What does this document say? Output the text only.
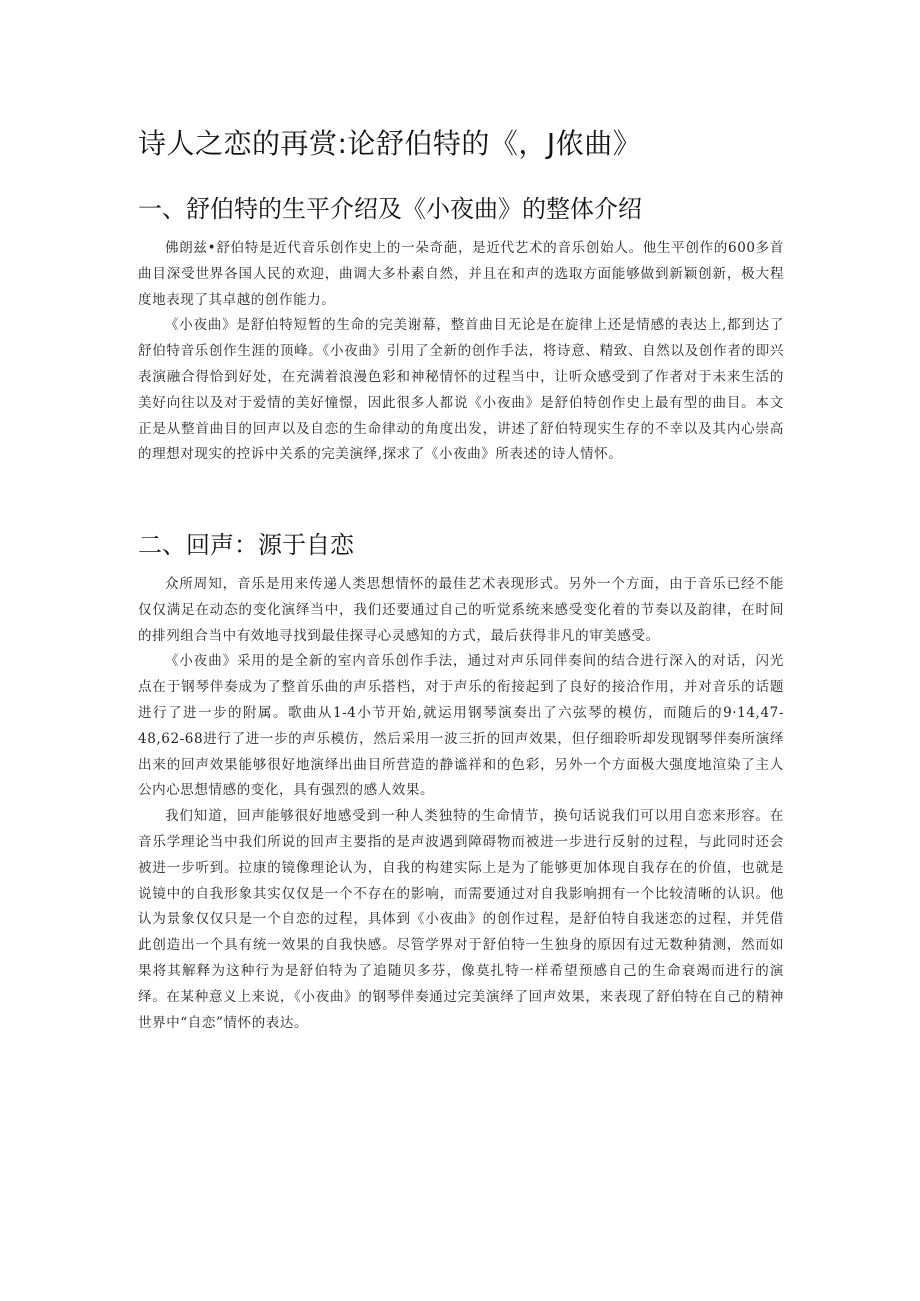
诗人之恋的再赏:论舒伯特的《，J侬曲》
一、舒伯特的生平介绍及《小夜曲》的整体介绍

佛朗兹•舒伯特是近代音乐创作史上的一朵奇葩，是近代艺术的音乐创始人。他生平创作的600多首曲目深受世界各国人民的欢迎，曲调大多朴素自然，并且在和声的选取方面能够做到新颖创新，极大程度地表现了其卓越的创作能力。

《小夜曲》是舒伯特短暂的生命的完美谢幕，整首曲目无论是在旋律上还是情感的表达上,都到达了舒伯特音乐创作生涯的顶峰。《小夜曲》引用了全新的创作手法，将诗意、精致、自然以及创作者的即兴表演融合得恰到好处，在充满着浪漫色彩和神秘情怀的过程当中，让听众感受到了作者对于未来生活的美好向往以及对于爱情的美好憧憬，因此很多人都说《小夜曲》是舒伯特创作史上最有型的曲目。本文正是从整首曲目的回声以及自恋的生命律动的角度出发，讲述了舒伯特现实生存的不幸以及其内心崇高的理想对现实的控诉中关系的完美演绎,探求了《小夜曲》所表述的诗人情怀。

二、回声：源于自恋

众所周知，音乐是用来传递人类思想情怀的最佳艺术表现形式。另外一个方面，由于音乐已经不能仅仅满足在动态的变化演绎当中，我们还要通过自己的听觉系统来感受变化着的节奏以及韵律，在时间的排列组合当中有效地寻找到最佳探寻心灵感知的方式，最后获得非凡的审美感受。

《小夜曲》采用的是全新的室内音乐创作手法，通过对声乐同伴奏间的结合进行深入的对话，闪光点在于钢琴伴奏成为了整首乐曲的声乐搭档，对于声乐的衔接起到了良好的接洽作用，并对音乐的话题进行了进一步的附属。歌曲从1-4小节开始,就运用钢琴演奏出了六弦琴的模仿，而随后的9·14,47-48,62-68进行了进一步的声乐模仿，然后采用一波三折的回声效果，但仔细聆听却发现钢琴伴奏所演绎出来的回声效果能够很好地演绎出曲目所营造的静谧祥和的色彩，另外一个方面极大强度地渲染了主人公内心思想情感的变化，具有强烈的感人效果。

我们知道，回声能够很好地感受到一种人类独特的生命情节，换句话说我们可以用自恋来形容。在音乐学理论当中我们所说的回声主要指的是声波遇到障碍物而被进一步进行反射的过程，与此同时还会被进一步听到。拉康的镜像理论认为，自我的构建实际上是为了能够更加体现自我存在的价值，也就是说镜中的自我形象其实仅仅是一个不存在的影响，而需要通过对自我影响拥有一个比较清晰的认识。他认为景象仅仅只是一个自恋的过程，具体到《小夜曲》的创作过程，是舒伯特自我迷恋的过程，并凭借此创造出一个具有统一效果的自我快感。尽管学界对于舒伯特一生独身的原因有过无数种猜测，然而如果将其解释为这种行为是舒伯特为了追随贝多芬，像莫扎特一样希望预感自己的生命衰竭而进行的演绎。在某种意义上来说，《小夜曲》的钢琴伴奏通过完美演绎了回声效果，来表现了舒伯特在自己的精神世界中“自恋”情怀的表达。
